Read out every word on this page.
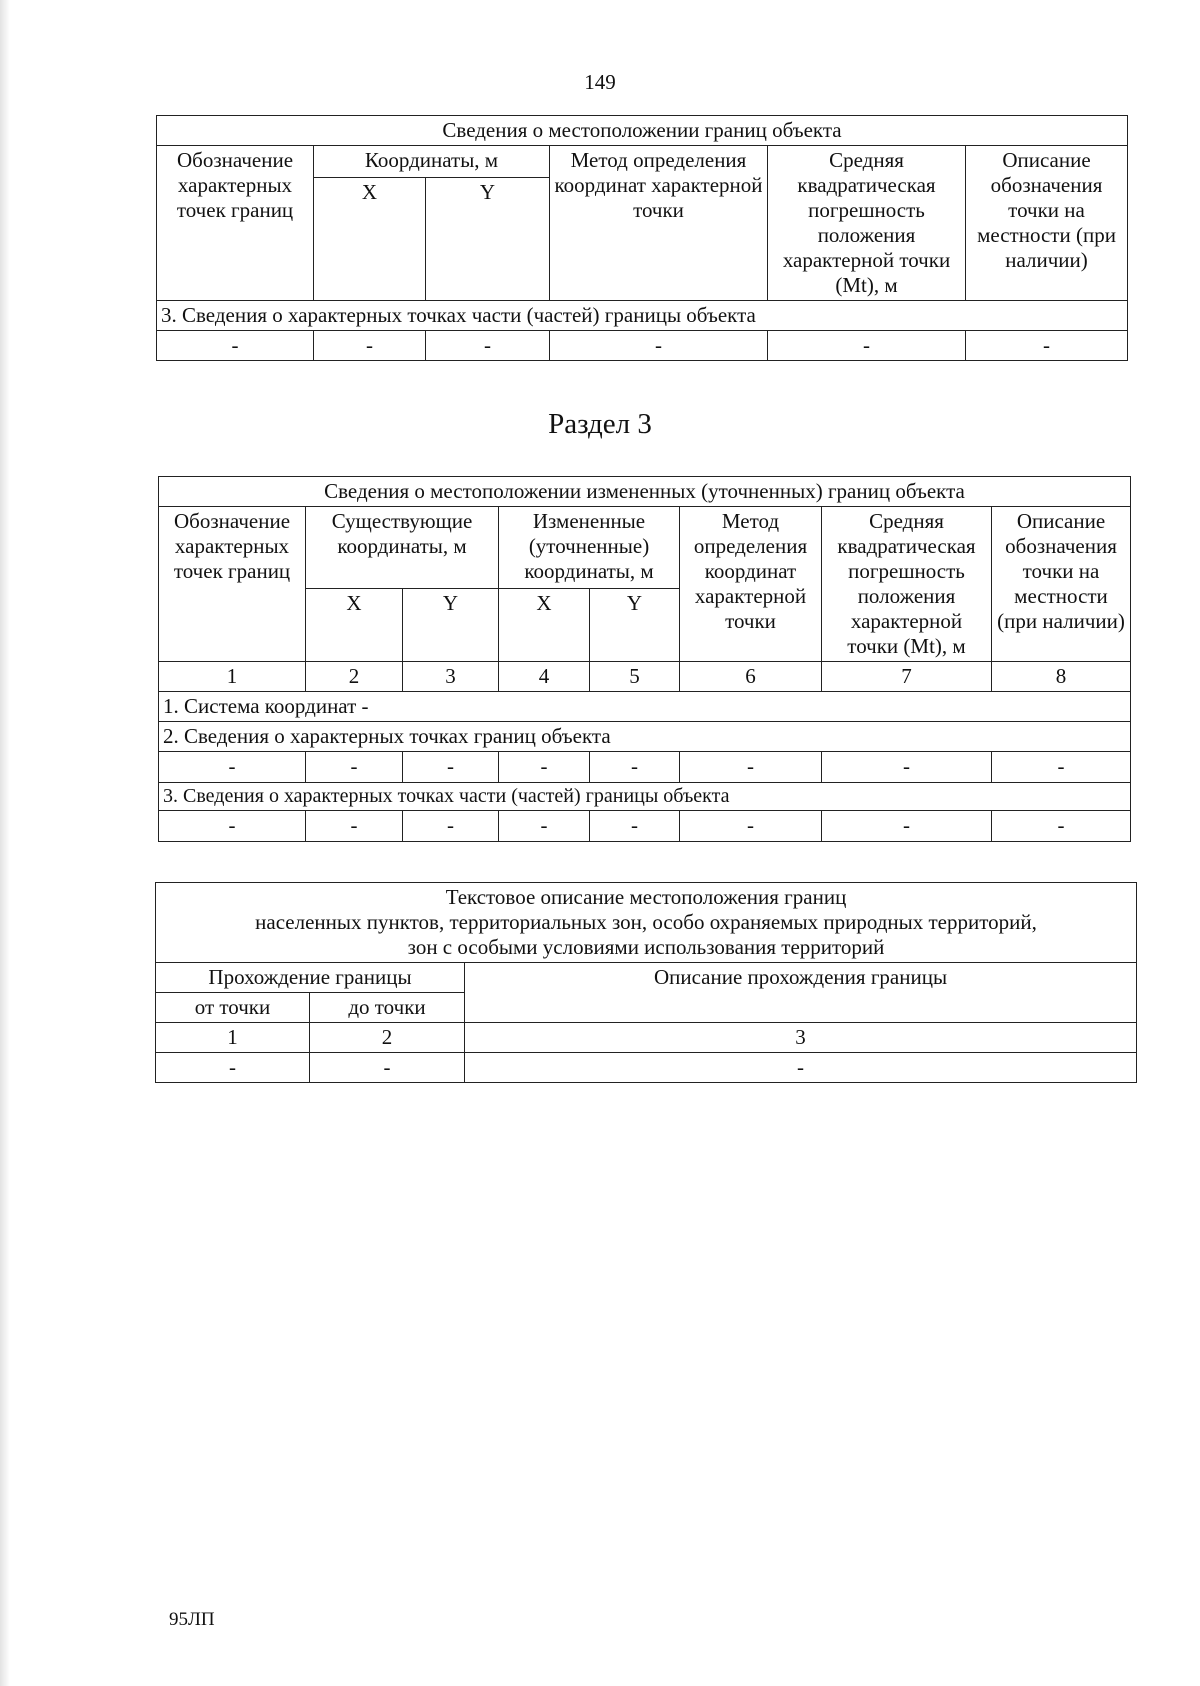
149
Сведения о местоположении границ объекта					
Обозначение характерных точек границ	Координаты, м		Метод определения координат характерной точки	Средняя квадратическая погрешность положения характерной точки (Mt), м	Описание обозначения точки на местности (при наличии)
	X	Y			
3. Сведения о характерных точках части (частей) границы объекта					
-	-	-	-	-	-
Раздел 3
Сведения о местоположении измененных (уточненных) границ объекта							
Обозначение характерных точек границ	Существующие координаты, м		Измененные (уточненные) координаты, м		Метод определения координат характерной точки	Средняя квадратическая погрешность положения характерной точки (Mt), м	Описание обозначения точки на местности (при наличии)
	X	Y	X	Y			
1	2	3	4	5	6	7	8
1. Система координат -							
2. Сведения о характерных точках границ объекта							
-	-	-	-	-	-	-	-
3. Сведения о характерных точках части (частей) границы объекта							
-	-	-	-	-	-	-	-
Текстовое описание местоположения границ
населенных пунктов, территориальных зон, особо охраняемых природных территорий,
зон с особыми условиями использования территорий		

Прохождение границы		Описание прохождения границы
от точки	до точки	
1	2	3
-	-	-
95ЛП
